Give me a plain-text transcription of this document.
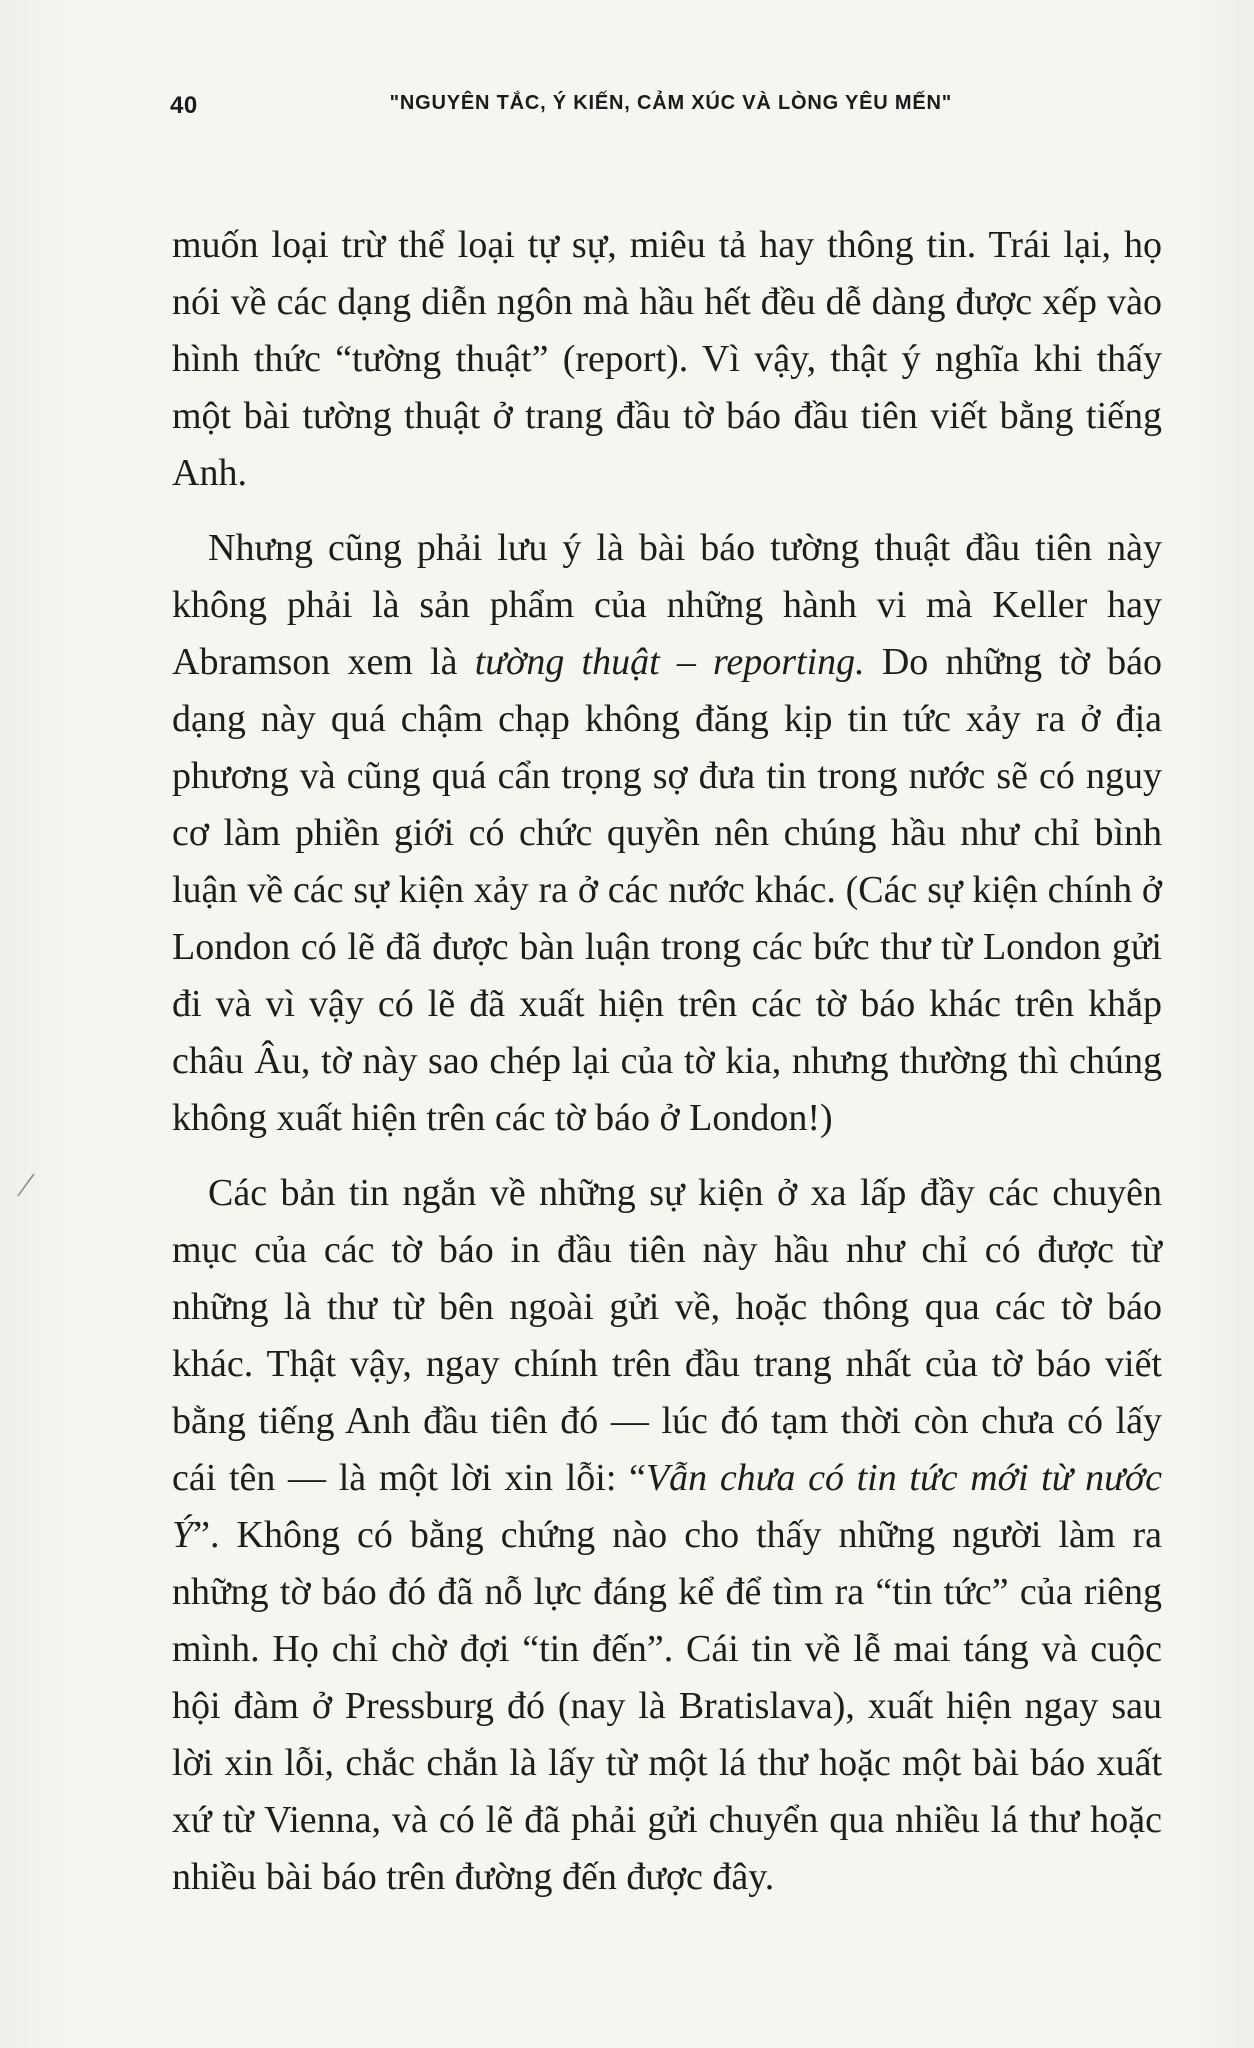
40	"NGUYÊN TẮC, Ý KIẾN, CẢM XÚC VÀ LÒNG YÊU MẾN"

muốn loại trừ thể loại tự sự, miêu tả hay thông tin. Trái lại, họ nói về các dạng diễn ngôn mà hầu hết đều dễ dàng được xếp vào hình thức “tường thuật” (report). Vì vậy, thật ý nghĩa khi thấy một bài tường thuật ở trang đầu tờ báo đầu tiên viết bằng tiếng Anh.

Nhưng cũng phải lưu ý là bài báo tường thuật đầu tiên này không phải là sản phẩm của những hành vi mà Keller hay Abramson xem là tường thuật – reporting. Do những tờ báo dạng này quá chậm chạp không đăng kịp tin tức xảy ra ở địa phương và cũng quá cẩn trọng sợ đưa tin trong nước sẽ có nguy cơ làm phiền giới có chức quyền nên chúng hầu như chỉ bình luận về các sự kiện xảy ra ở các nước khác. (Các sự kiện chính ở London có lẽ đã được bàn luận trong các bức thư từ London gửi đi và vì vậy có lẽ đã xuất hiện trên các tờ báo khác trên khắp châu Âu, tờ này sao chép lại của tờ kia, nhưng thường thì chúng không xuất hiện trên các tờ báo ở London!)

Các bản tin ngắn về những sự kiện ở xa lấp đầy các chuyên mục của các tờ báo in đầu tiên này hầu như chỉ có được từ những là thư từ bên ngoài gửi về, hoặc thông qua các tờ báo khác. Thật vậy, ngay chính trên đầu trang nhất của tờ báo viết bằng tiếng Anh đầu tiên đó — lúc đó tạm thời còn chưa có lấy cái tên — là một lời xin lỗi: “Vẫn chưa có tin tức mới từ nước Ý”. Không có bằng chứng nào cho thấy những người làm ra những tờ báo đó đã nỗ lực đáng kể để tìm ra “tin tức” của riêng mình. Họ chỉ chờ đợi “tin đến”. Cái tin về lễ mai táng và cuộc hội đàm ở Pressburg đó (nay là Bratislava), xuất hiện ngay sau lời xin lỗi, chắc chắn là lấy từ một lá thư hoặc một bài báo xuất xứ từ Vienna, và có lẽ đã phải gửi chuyển qua nhiều lá thư hoặc nhiều bài báo trên đường đến được đây.
